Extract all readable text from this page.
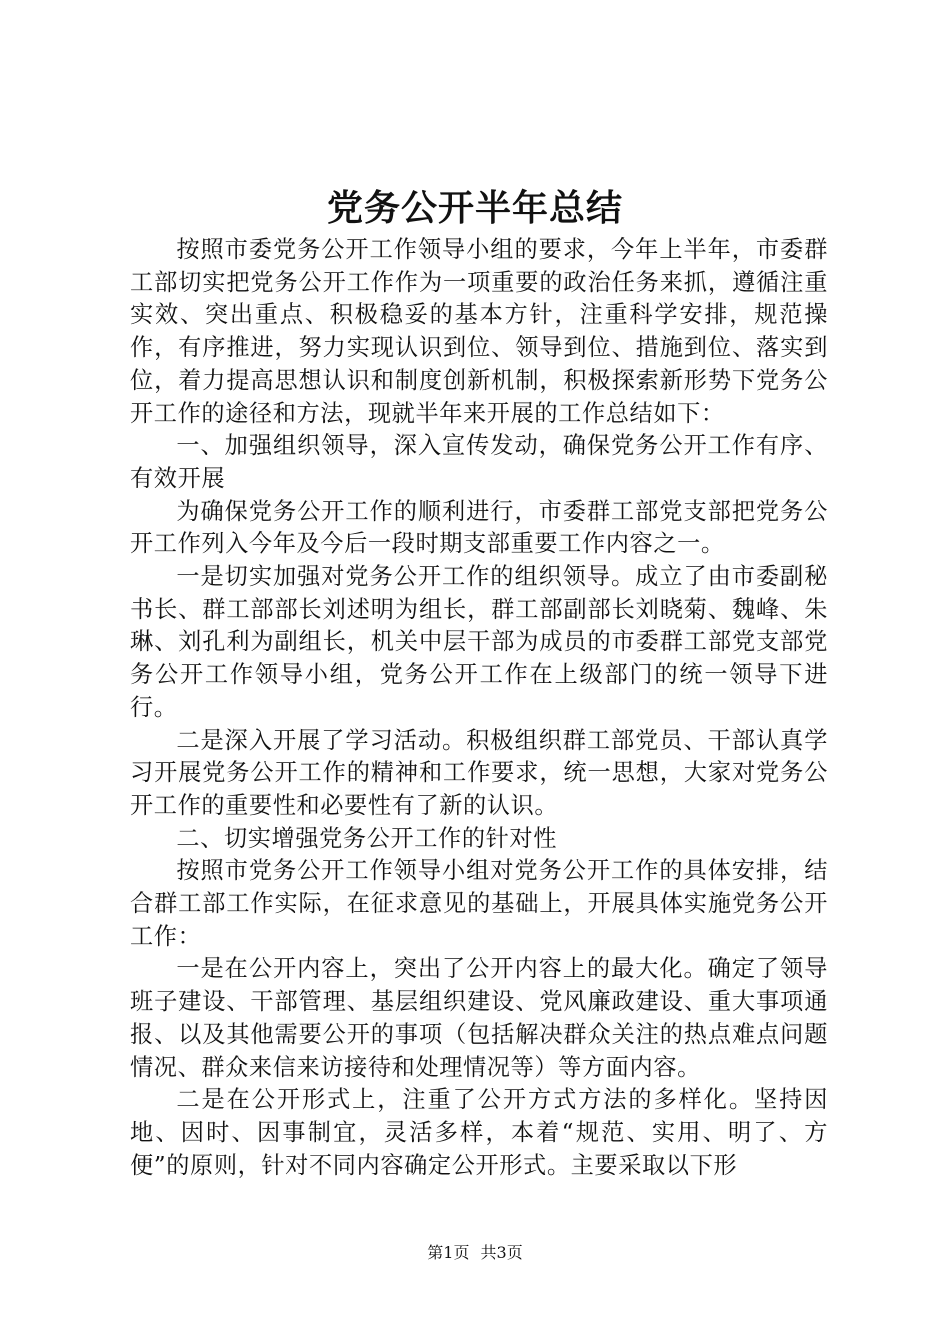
党务公开半年总结

按照市委党务公开工作领导小组的要求，今年上半年，市委群工部切实把党务公开工作作为一项重要的政治任务来抓，遵循注重实效、突出重点、积极稳妥的基本方针，注重科学安排，规范操作，有序推进，努力实现认识到位、领导到位、措施到位、落实到位，着力提高思想认识和制度创新机制，积极探索新形势下党务公开工作的途径和方法，现就半年来开展的工作总结如下：

一、加强组织领导，深入宣传发动，确保党务公开工作有序、有效开展

为确保党务公开工作的顺利进行，市委群工部党支部把党务公开工作列入今年及今后一段时期支部重要工作内容之一。

一是切实加强对党务公开工作的组织领导。成立了由市委副秘书长、群工部部长刘述明为组长，群工部副部长刘晓菊、魏峰、朱琳、刘孔利为副组长，机关中层干部为成员的市委群工部党支部党务公开工作领导小组，党务公开工作在上级部门的统一领导下进行。

二是深入开展了学习活动。积极组织群工部党员、干部认真学习开展党务公开工作的精神和工作要求，统一思想，大家对党务公开工作的重要性和必要性有了新的认识。

二、切实增强党务公开工作的针对性

按照市党务公开工作领导小组对党务公开工作的具体安排，结合群工部工作实际，在征求意见的基础上，开展具体实施党务公开工作：

一是在公开内容上，突出了公开内容上的最大化。确定了领导班子建设、干部管理、基层组织建设、党风廉政建设、重大事项通报、以及其他需要公开的事项（包括解决群众关注的热点难点问题情况、群众来信来访接待和处理情况等）等方面内容。

二是在公开形式上，注重了公开方式方法的多样化。坚持因地、因时、因事制宜，灵活多样，本着“规范、实用、明了、方便”的原则，针对不同内容确定公开形式。主要采取以下形

第1页 共3页
